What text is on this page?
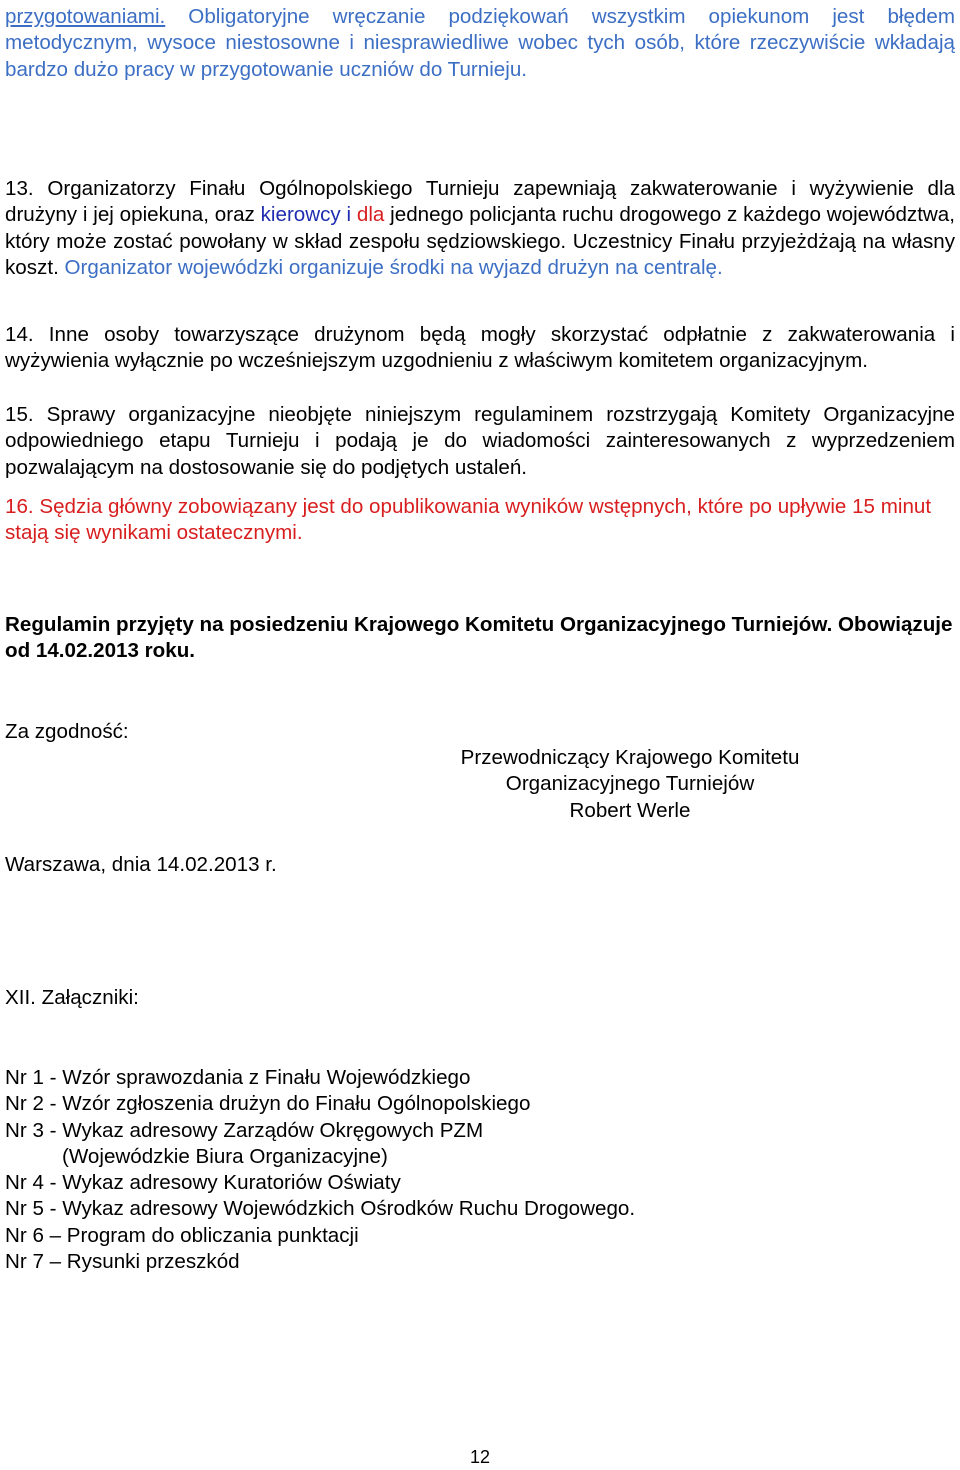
przygotowaniami. Obligatoryjne wręczanie podziękowań wszystkim opiekunom jest błędem metodycznym, wysoce niestosowne i niesprawiedliwe wobec tych osób, które rzeczywiście wkładają bardzo dużo pracy w przygotowanie uczniów do Turnieju.

13. Organizatorzy Finału Ogólnopolskiego Turnieju zapewniają zakwaterowanie i wyżywienie dla drużyny i jej opiekuna, oraz kierowcy i dla jednego policjanta ruchu drogowego z każdego województwa, który może zostać powołany w skład zespołu sędziowskiego. Uczestnicy Finału przyjeżdżają na własny koszt. Organizator wojewódzki organizuje środki na wyjazd drużyn na centralę.

14. Inne osoby towarzyszące drużynom będą mogły skorzystać odpłatnie z zakwaterowania i wyżywienia wyłącznie po wcześniejszym uzgodnieniu z właściwym komitetem organizacyjnym.

15. Sprawy organizacyjne nieobjęte niniejszym regulaminem rozstrzygają Komitety Organizacyjne odpowiedniego etapu Turnieju i podają je do wiadomości zainteresowanych z wyprzedzeniem pozwalającym na dostosowanie się do podjętych ustaleń.

16. Sędzia główny zobowiązany jest do opublikowania wyników wstępnych, które po upływie 15 minut stają się wynikami ostatecznymi.

Regulamin przyjęty na posiedzeniu Krajowego Komitetu Organizacyjnego Turniejów. Obowiązuje od 14.02.2013 roku.

Za zgodność:

Przewodniczący Krajowego Komitetu
Organizacyjnego Turniejów
Robert Werle

Warszawa, dnia 14.02.2013 r.

XII. Załączniki:

Nr 1 - Wzór sprawozdania z Finału Wojewódzkiego
Nr 2 - Wzór zgłoszenia drużyn do Finału Ogólnopolskiego
Nr 3 - Wykaz adresowy Zarządów Okręgowych PZM
(Wojewódzkie Biura Organizacyjne)
Nr 4 - Wykaz adresowy Kuratoriów Oświaty
Nr 5 - Wykaz adresowy Wojewódzkich Ośrodków Ruchu Drogowego.
Nr 6 – Program do obliczania punktacji
Nr 7 – Rysunki przeszkód
12
